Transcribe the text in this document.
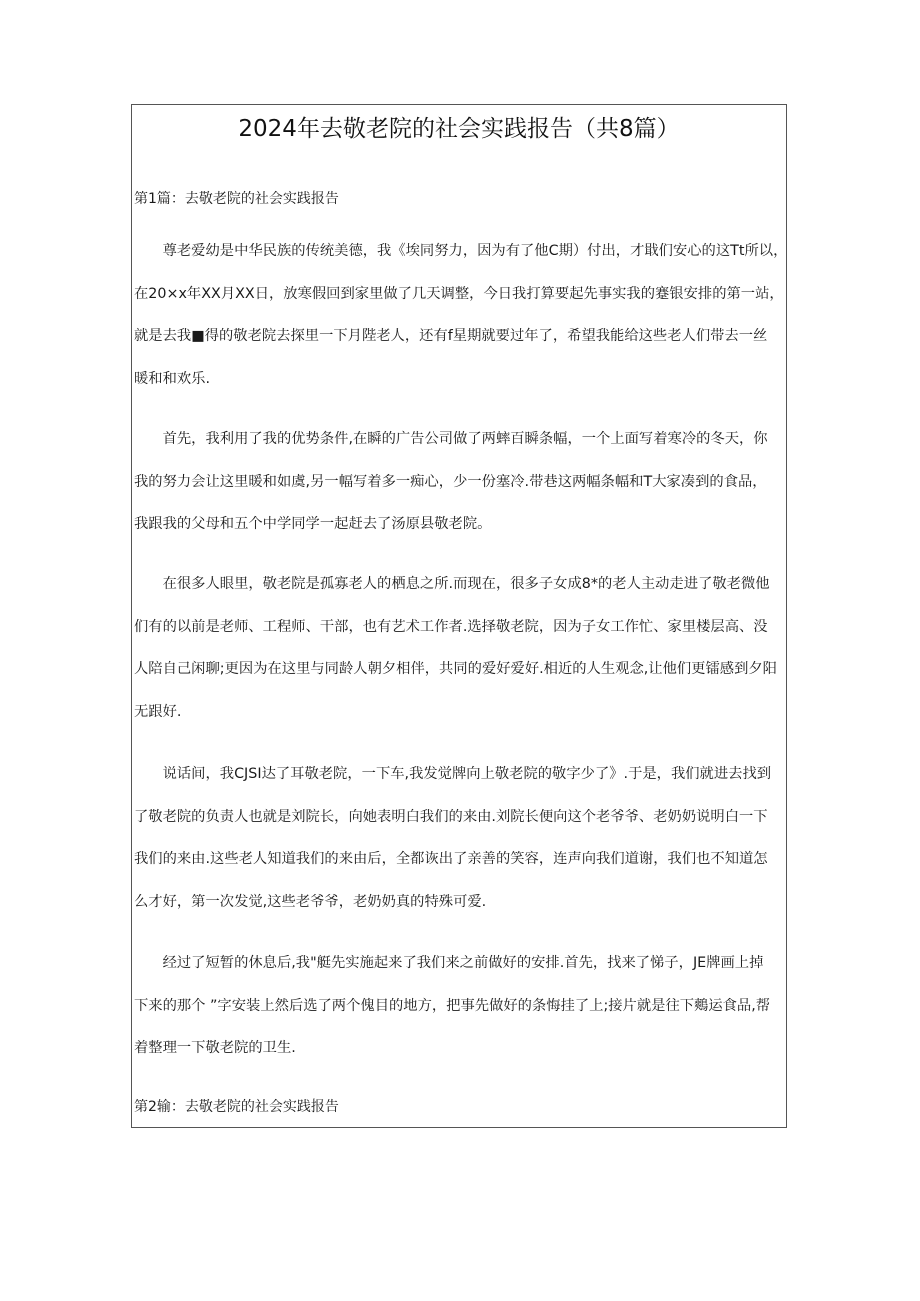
2024年去敬老院的社会实践报告（共8篇）
第1篇：去敬老院的社会实践报告
　　尊老爱幼是中华民族的传统美德，我《埃同努力，因为有了他C期）付出，才戢们安心的这Tt所以，
在20×x年XX月XX日，放寒假回到家里做了几天调整，今日我打算要起先事实我的蹇银安排的第一站，
就是去我■得的敬老院去探里一下月陛老人，还有f星期就要过年了，希望我能给这些老人们带去一丝
暖和和欢乐.
　　首先，我利用了我的优势条件,在瞬的广告公司做了两蟀百瞬条幅，一个上面写着寒冷的冬天，你
我的努力会让这里暖和如虞,另一幅写着多一痴心，少一份塞冷.带巷这两幅条幅和T大家凑到的食品，
我跟我的父母和五个中学同学一起赶去了汤原县敬老院。
　　在很多人眼里，敬老院是孤寡老人的栖息之所.而现在，很多子女成8*的老人主动走进了敬老微他
们有的以前是老师、工程师、干部，也有艺术工作者.选择敬老院，因为子女工作忙、家里楼层高、没
人陪自己闲聊;更因为在这里与同龄人朝夕相伴，共同的爱好爱好.相近的人生观念,让他们更镭感到夕阳
无跟好.
　　说话间，我CJSI达了耳敬老院，一下车,我发觉牌向上敬老院的敬字少了》.于是，我们就进去找到
了敬老院的负责人也就是刘院长，向她表明白我们的来由.刘院长便向这个老爷爷、老奶奶说明白一下
我们的来由.这些老人知道我们的来由后，全都诙出了亲善的笑容，连声向我们道谢，我们也不知道怎
么才好，第一次发觉,这些老爷爷，老奶奶真的特殊可爱.
　　经过了短暂的休息后,我"艇先实施起来了我们来之前做好的安排.首先，找来了悌子，JE牌画上掉
下来的那个 ”字安装上然后选了两个傀目的地方，把事先做好的条悔挂了上;接片就是往下鷞运食品,帮
着整理一下敬老院的卫生.
第2输：去敬老院的社会实践报告
